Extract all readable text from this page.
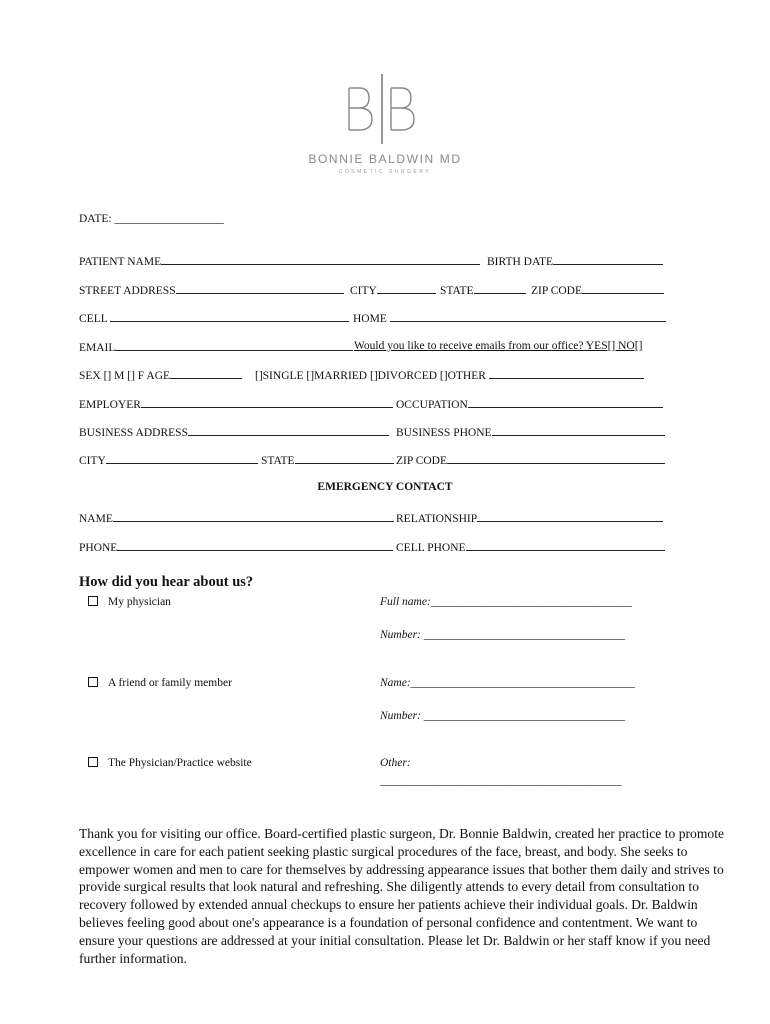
BONNIE BALDWIN MD
COSMETIC SURGERY
DATE: ___________________
PATIENT NAME	BIRTH DATE
STREET ADDRESS	CITY	STATE	ZIP CODE
CELL	HOME
EMAIL	Would you like to receive emails from our office? YES[] NO[]
SEX [] M [] F AGE	[]SINGLE []MARRIED []DIVORCED []OTHER
EMPLOYER	OCCUPATION
BUSINESS ADDRESS	BUSINESS PHONE
CITY	STATE	ZIP CODE
EMERGENCY CONTACT
NAME	RELATIONSHIP
PHONE	CELL PHONE
How did you hear about us?
My physician	Full name:___________________________________
Number: ___________________________________
A friend or family member	Name:_______________________________________
Number: ___________________________________
The Physician/Practice website	Other:
__________________________________________
Thank you for visiting our office. Board-certified plastic surgeon, Dr. Bonnie Baldwin, created her practice to promote excellence in care for each patient seeking plastic surgical procedures of the face, breast, and body. She seeks to empower women and men to care for themselves by addressing appearance issues that bother them daily and strives to provide surgical results that look natural and refreshing. She diligently attends to every detail from consultation to recovery followed by extended annual checkups to ensure her patients achieve their individual goals. Dr. Baldwin believes feeling good about one's appearance is a foundation of personal confidence and contentment. We want to ensure your questions are addressed at your initial consultation. Please let Dr. Baldwin or her staff know if you need further information.
